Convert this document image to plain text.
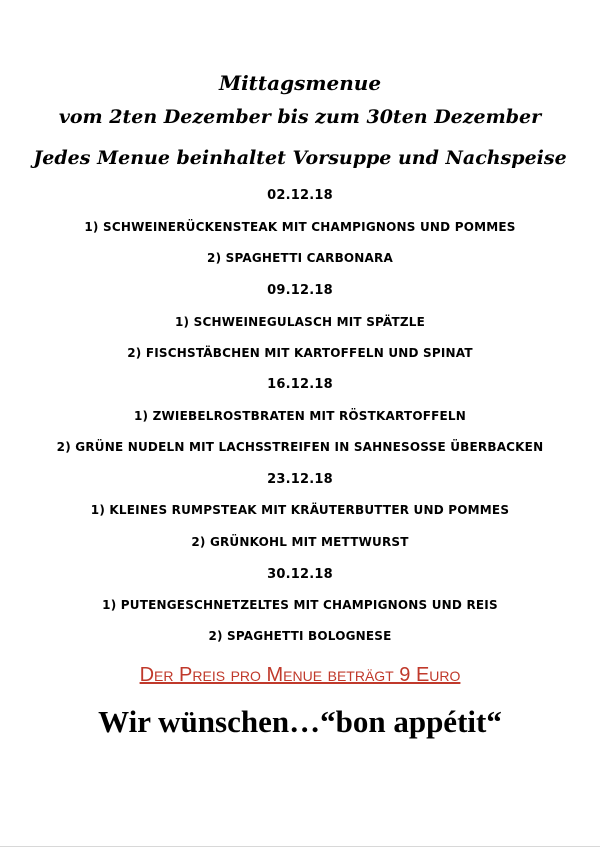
Mittagsmenue
vom 2ten Dezember bis zum 30ten Dezember
Jedes Menue beinhaltet Vorsuppe und Nachspeise
02.12.18
1) SCHWEINERÜCKENSTEAK MIT CHAMPIGNONS UND POMMES
2) SPAGHETTI CARBONARA
09.12.18
1) SCHWEINEGULASCH MIT SPÄTZLE
2) FISCHSTÄBCHEN MIT KARTOFFELN UND SPINAT
16.12.18
1) ZWIEBELROSTBRATEN MIT RÖSTKARTOFFELN
2) GRÜNE NUDELN MIT LACHSSTREIFEN IN SAHNESOSSE ÜBERBACKEN
23.12.18
1) KLEINES RUMPSTEAK MIT KRÄUTERBUTTER UND POMMES
2) GRÜNKOHL MIT METTWURST
30.12.18
1) PUTENGESCHNETZELTES MIT CHAMPIGNONS UND REIS
2) SPAGHETTI BOLOGNESE
Der Preis pro Menue beträgt 9 Euro
Wir wünschen…“bon appétit“
